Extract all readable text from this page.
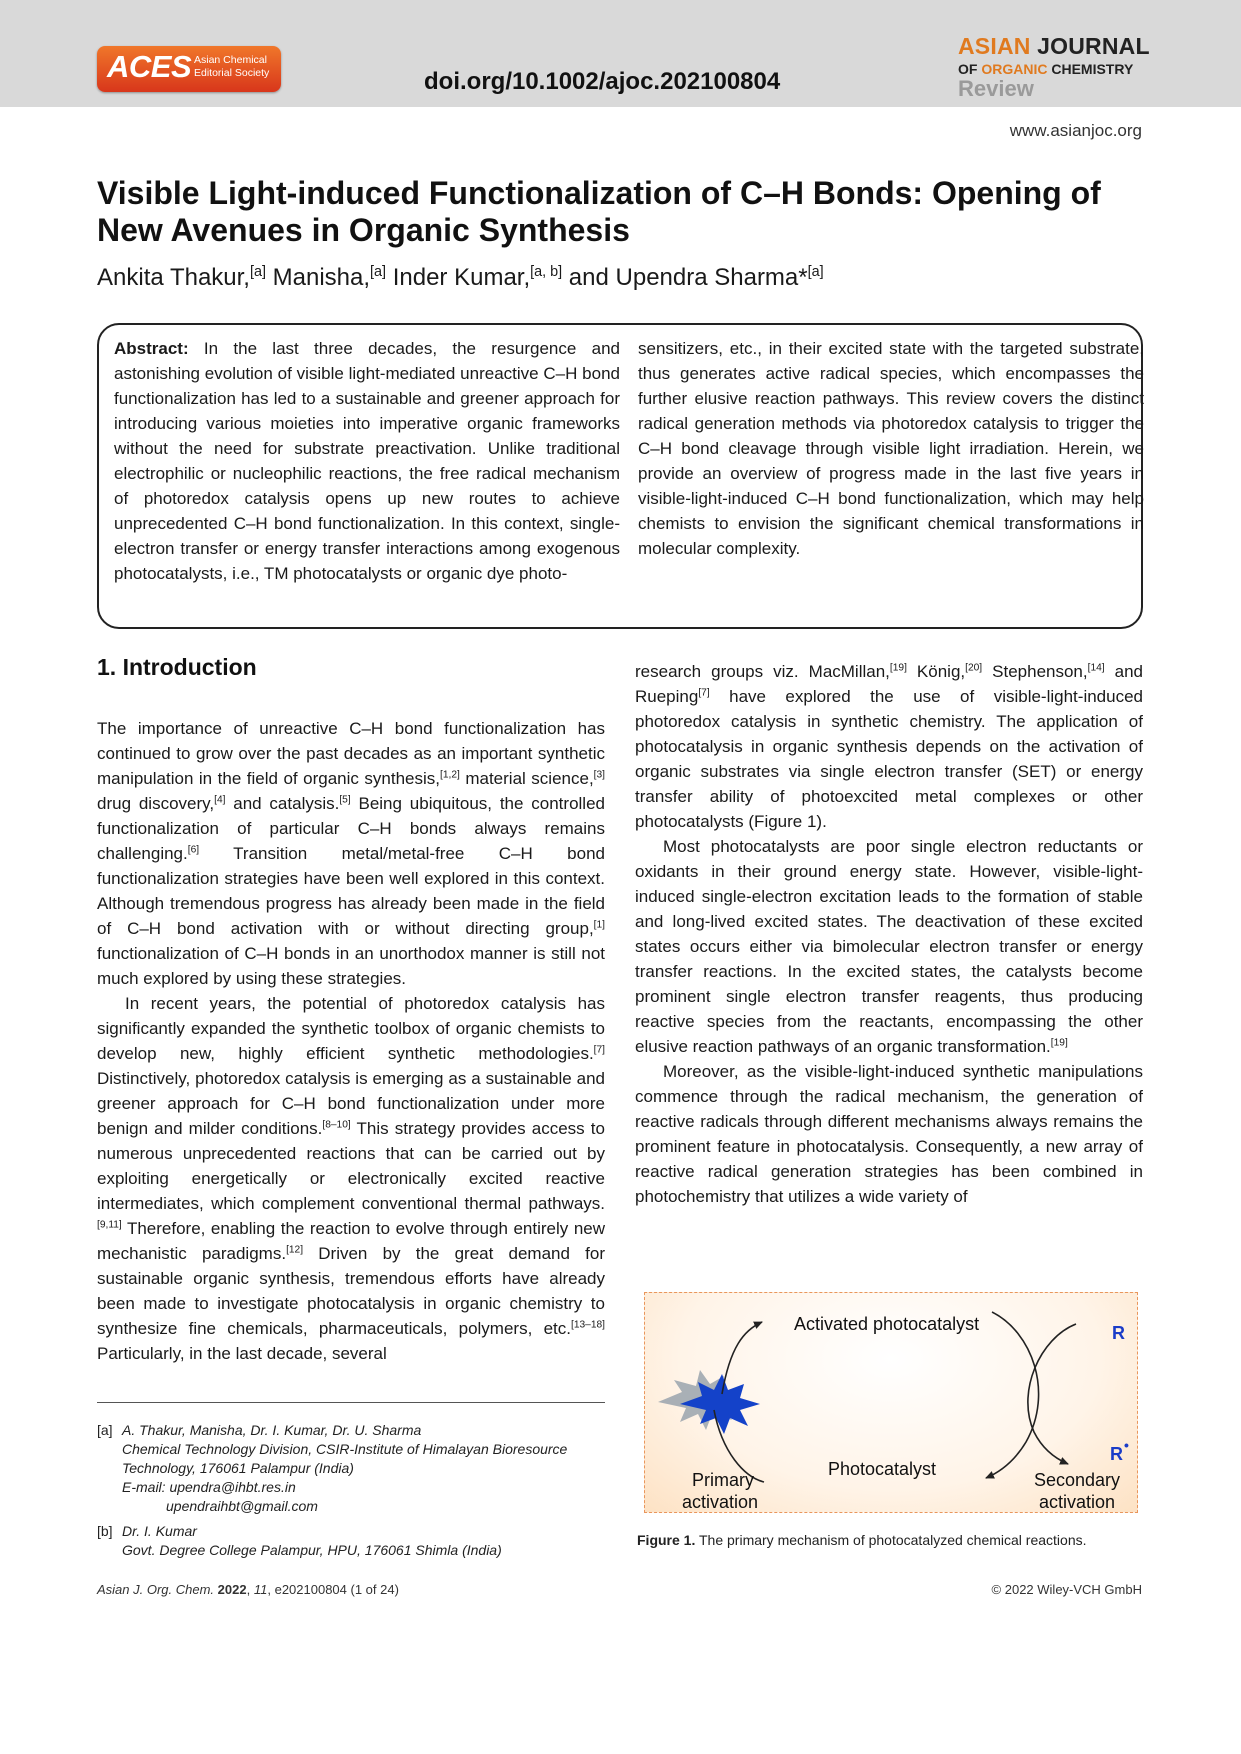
ACES Asian Chemical
Editorial Society	doi.org/10.1002/ajoc.202100804
ASIAN JOURNAL
OF ORGANIC CHEMISTRY
Review
www.asianjoc.org
Visible Light-induced Functionalization of C–H Bonds: Opening of New Avenues in Organic Synthesis
Ankita Thakur,[a] Manisha,[a] Inder Kumar,[a, b] and Upendra Sharma*[a]
Abstract: In the last three decades, the resurgence and astonishing evolution of visible light-mediated unreactive C–H bond functionalization has led to a sustainable and greener approach for introducing various moieties into imperative organic frameworks without the need for substrate preactivation. Unlike traditional electrophilic or nucleophilic reactions, the free radical mechanism of photoredox catalysis opens up new routes to achieve unprecedented C–H bond functionalization. In this context, single-electron transfer or energy transfer interactions among exogenous photocatalysts, i.e., TM photocatalysts or organic dye photo-
sensitizers, etc., in their excited state with the targeted substrate, thus generates active radical species, which encompasses the further elusive reaction pathways. This review covers the distinct radical generation methods via photoredox catalysis to trigger the C–H bond cleavage through visible light irradiation. Herein, we provide an overview of progress made in the last five years in visible-light-induced C–H bond functionalization, which may help chemists to envision the significant chemical transformations in molecular complexity.
1. Introduction

The importance of unreactive C–H bond functionalization has continued to grow over the past decades as an important synthetic manipulation in the field of organic synthesis,[1,2] material science,[3] drug discovery,[4] and catalysis.[5] Being ubiquitous, the controlled functionalization of particular C–H bonds always remains challenging.[6] Transition metal/metal-free C–H bond functionalization strategies have been well explored in this context. Although tremendous progress has already been made in the field of C–H bond activation with or without directing group,[1] functionalization of C–H bonds in an unorthodox manner is still not much explored by using these strategies.

In recent years, the potential of photoredox catalysis has significantly expanded the synthetic toolbox of organic chemists to develop new, highly efficient synthetic methodologies.[7] Distinctively, photoredox catalysis is emerging as a sustainable and greener approach for C–H bond functionalization under more benign and milder conditions.[8–10] This strategy provides access to numerous unprecedented reactions that can be carried out by exploiting energetically or electronically excited reactive intermediates, which complement conventional thermal pathways.[9,11] Therefore, enabling the reaction to evolve through entirely new mechanistic paradigms.[12] Driven by the great demand for sustainable organic synthesis, tremendous efforts have already been made to investigate photocatalysis in organic chemistry to synthesize fine chemicals, pharmaceuticals, polymers, etc.[13–18] Particularly, in the last decade, several

research groups viz. MacMillan,[19] König,[20] Stephenson,[14] and Rueping[7] have explored the use of visible-light-induced photoredox catalysis in synthetic chemistry. The application of photocatalysis in organic synthesis depends on the activation of organic substrates via single electron transfer (SET) or energy transfer ability of photoexcited metal complexes or other photocatalysts (Figure 1).

Most photocatalysts are poor single electron reductants or oxidants in their ground energy state. However, visible-light-induced single-electron excitation leads to the formation of stable and long-lived excited states. The deactivation of these excited states occurs either via bimolecular electron transfer or energy transfer reactions. In the excited states, the catalysts become prominent single electron transfer reagents, thus producing reactive species from the reactants, encompassing the other elusive reaction pathways of an organic transformation.[19]

Moreover, as the visible-light-induced synthetic manipulations commence through the radical mechanism, the generation of reactive radicals through different mechanisms always remains the prominent feature in photocatalysis. Consequently, a new array of reactive radical generation strategies has been combined in photochemistry that utilizes a wide variety of

[a] A. Thakur, Manisha, Dr. I. Kumar, Dr. U. Sharma
Chemical Technology Division, CSIR-Institute of Himalayan Bioresource Technology, 176061 Palampur (India)
E-mail: upendra@ihbt.res.in
upendraihbt@gmail.com
[b] Dr. I. Kumar
Govt. Degree College Palampur, HPU, 176061 Shimla (India)
Activated photocatalyst
Photocatalyst
Primary
activation
Secondary
activation
R
R •
Figure 1. The primary mechanism of photocatalyzed chemical reactions.
Asian J. Org. Chem. 2022, 11, e202100804 (1 of 24)	© 2022 Wiley-VCH GmbH
